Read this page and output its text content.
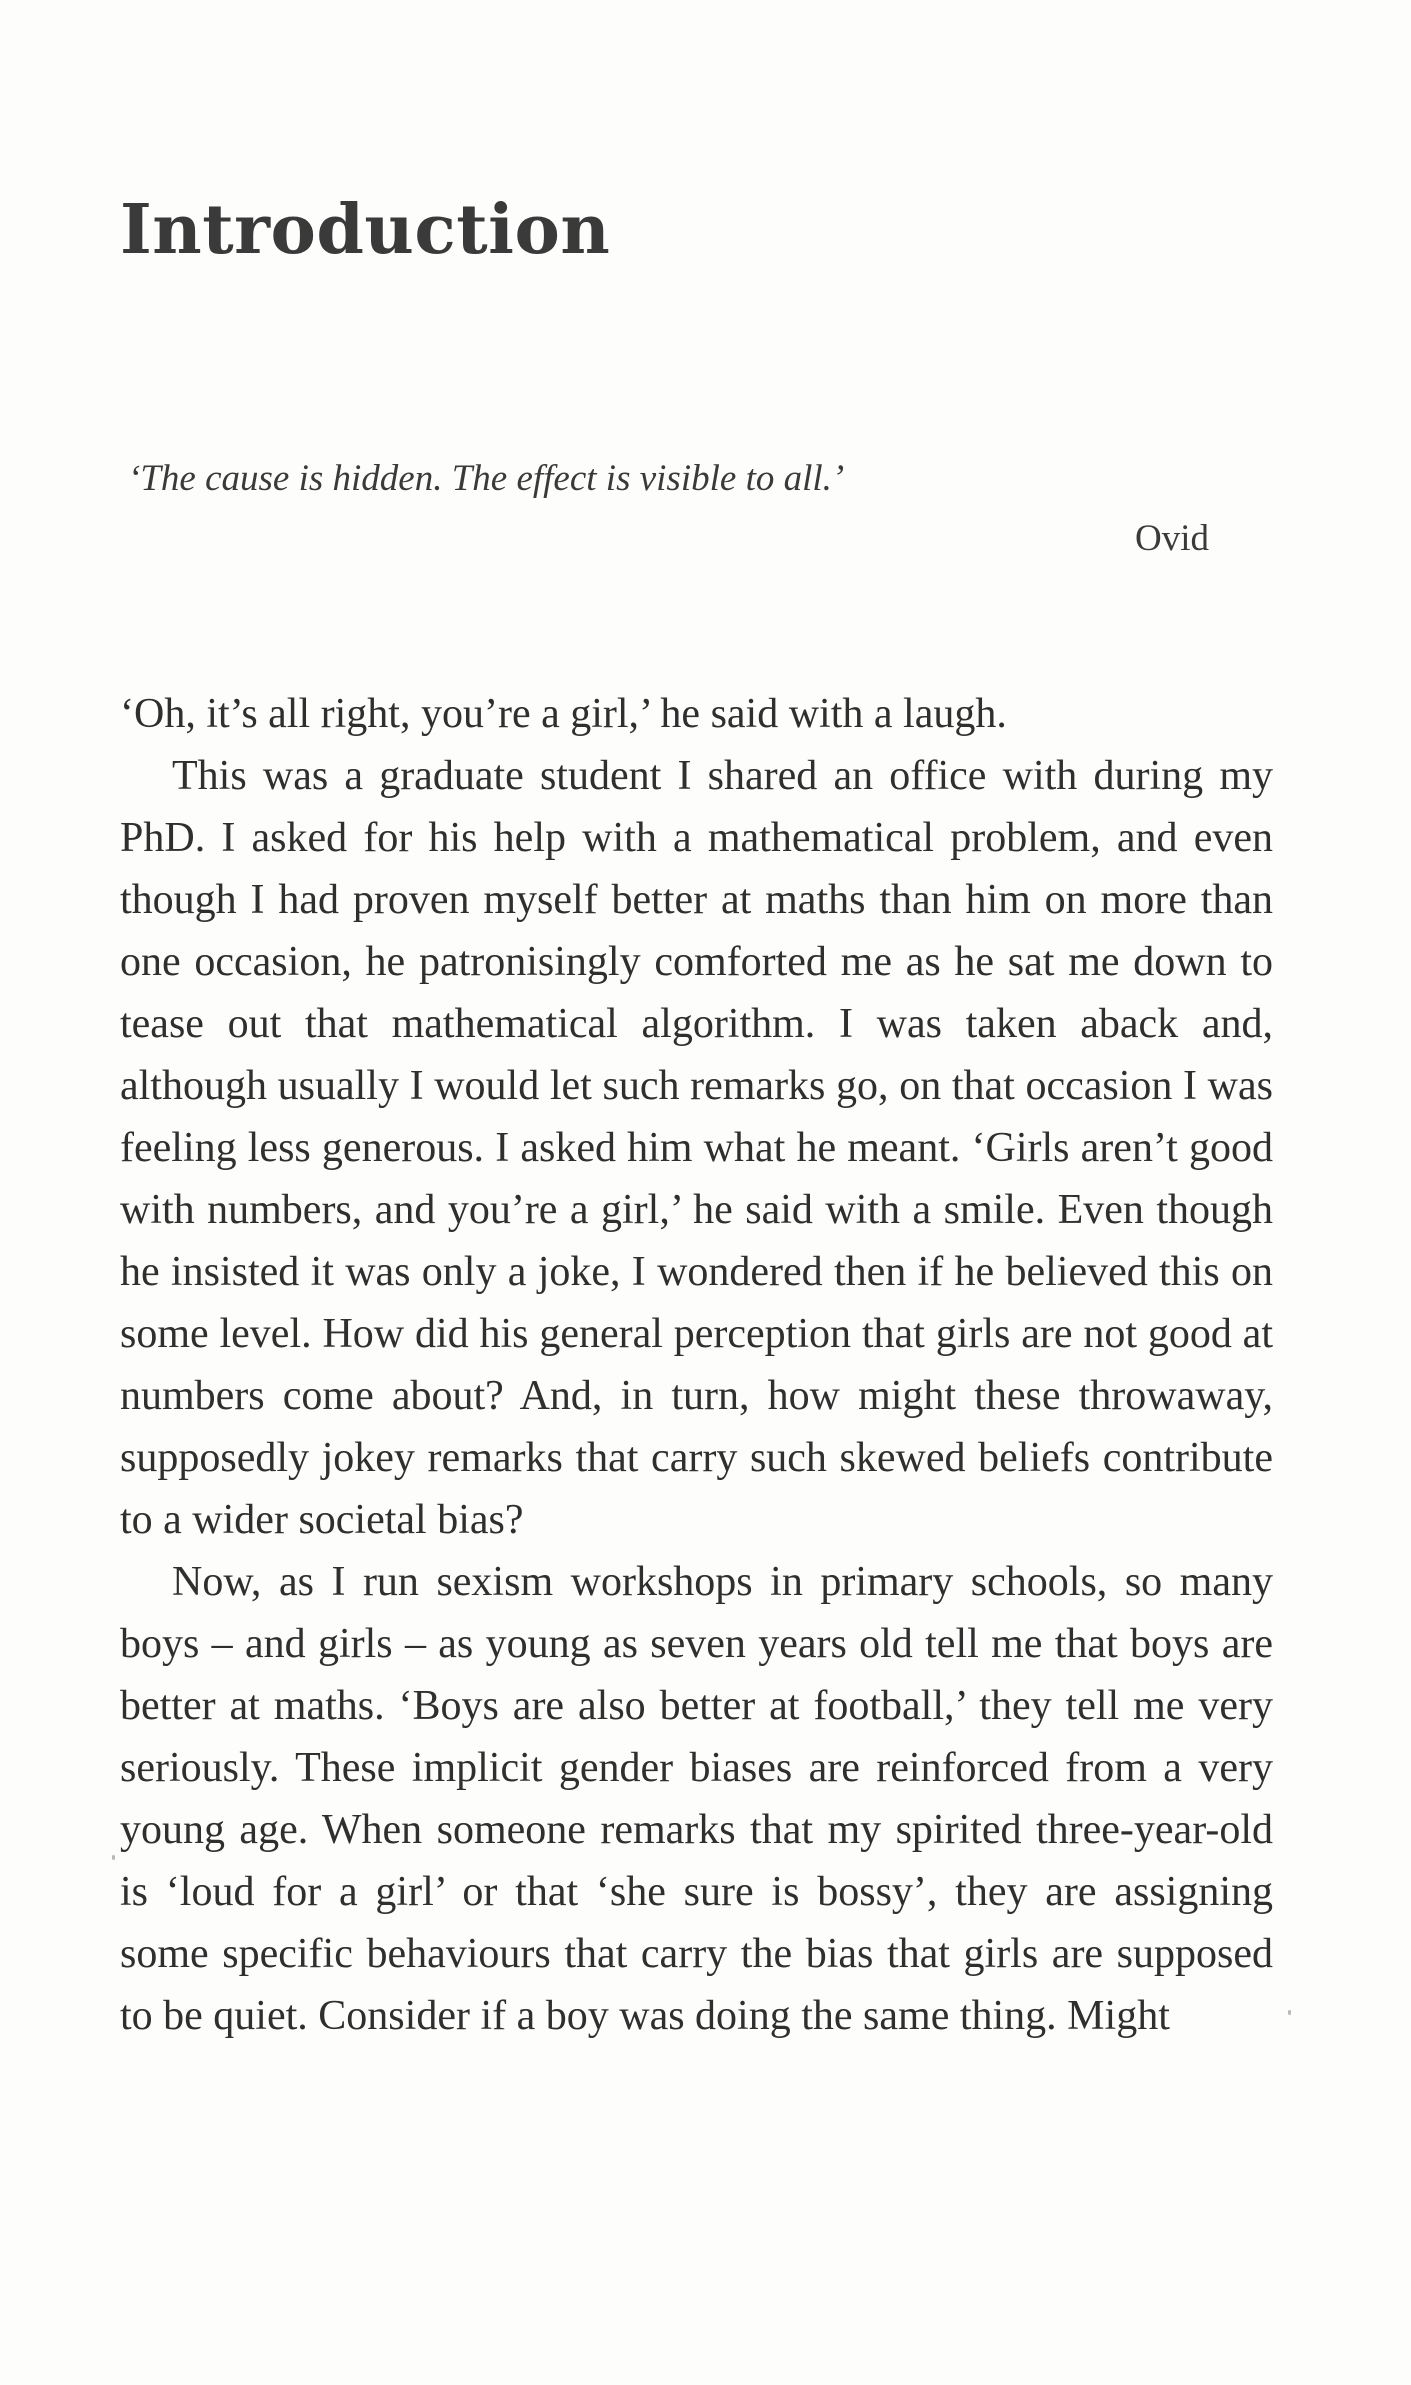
Introduction

‘The cause is hidden. The effect is visible to all.’

Ovid

‘Oh, it’s all right, you’re a girl,’ he said with a laugh.

This was a graduate student I shared an office with during my PhD. I asked for his help with a mathematical problem, and even though I had proven myself better at maths than him on more than one occasion, he patronisingly comforted me as he sat me down to tease out that mathematical algorithm. I was taken aback and, although usually I would let such remarks go, on that occasion I was feeling less generous. I asked him what he meant. ‘Girls aren’t good with numbers, and you’re a girl,’ he said with a smile. Even though he insisted it was only a joke, I wondered then if he believed this on some level. How did his general perception that girls are not good at numbers come about? And, in turn, how might these throwaway, supposedly jokey remarks that carry such skewed beliefs contribute to a wider societal bias?

Now, as I run sexism workshops in primary schools, so many boys – and girls – as young as seven years old tell me that boys are better at maths. ‘Boys are also better at football,’ they tell me very seriously. These implicit gender biases are reinforced from a very young age. When someone remarks that my spirited three-year-old is ‘loud for a girl’ or that ‘she sure is bossy’, they are assigning some specific behaviours that carry the bias that girls are supposed to be quiet. Consider if a boy was doing the same thing. Might
